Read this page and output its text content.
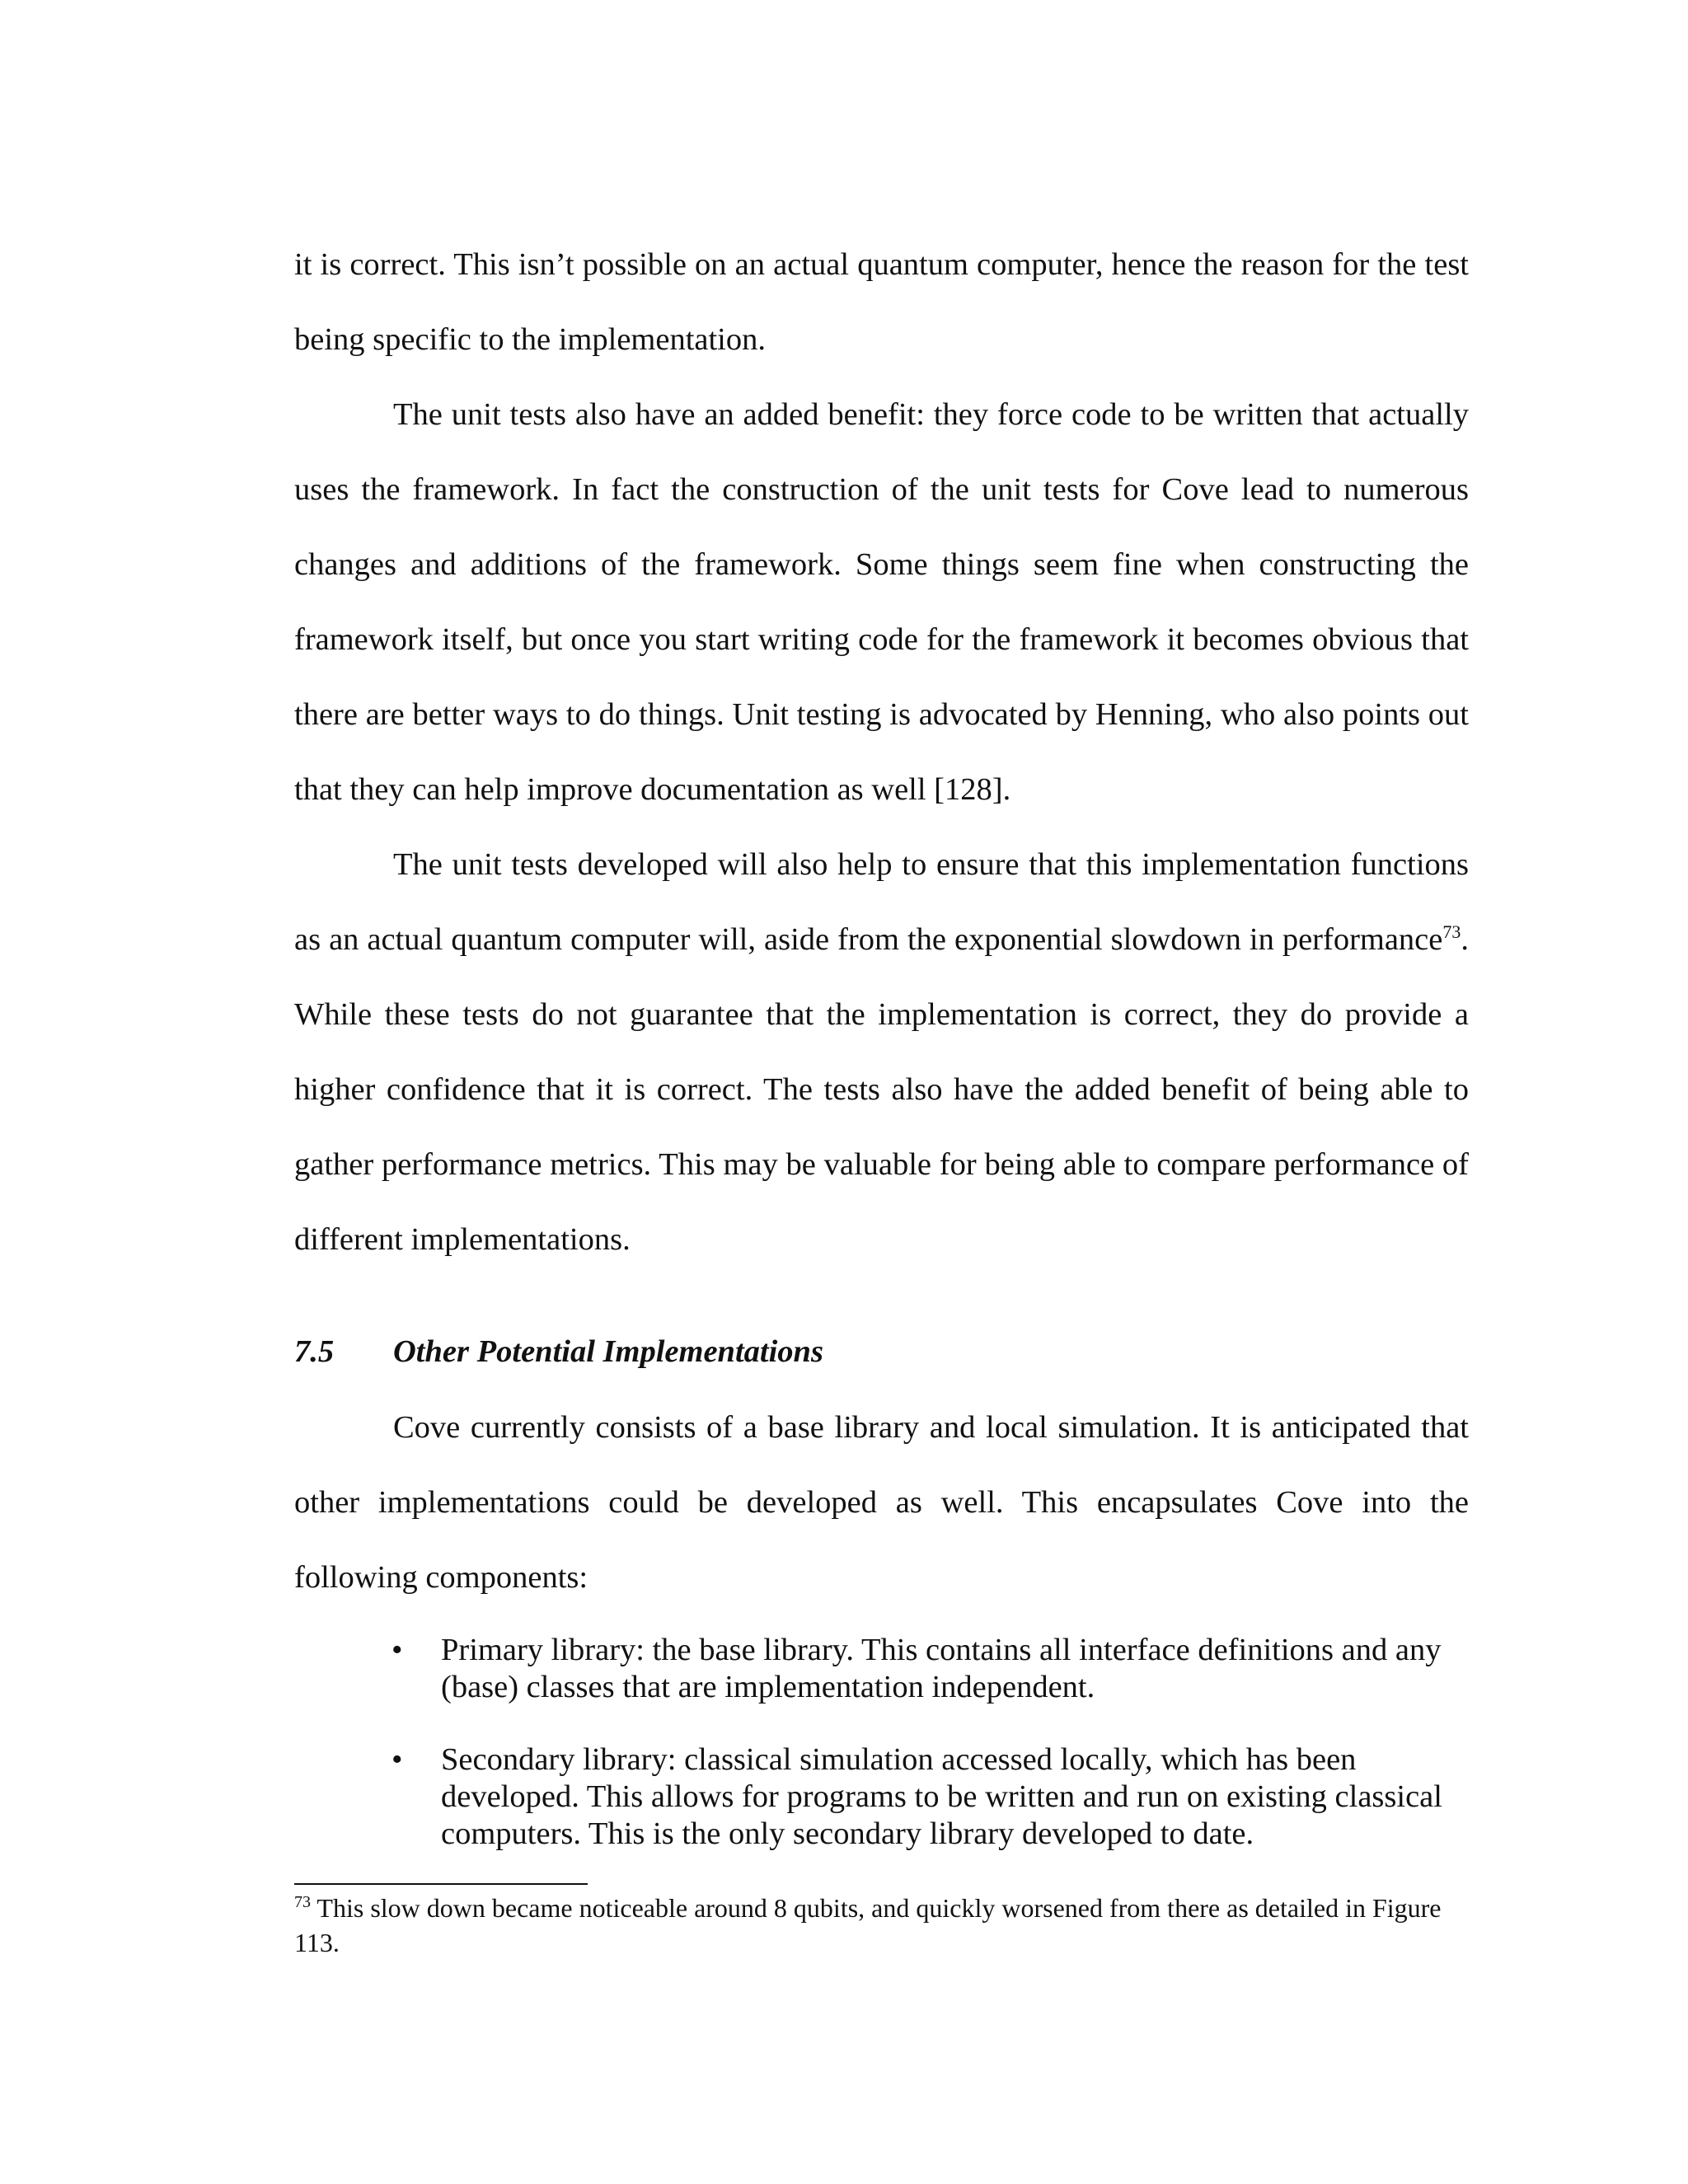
it is correct. This isn’t possible on an actual quantum computer, hence the reason for the test being specific to the implementation.

The unit tests also have an added benefit: they force code to be written that actually uses the framework. In fact the construction of the unit tests for Cove lead to numerous changes and additions of the framework. Some things seem fine when constructing the framework itself, but once you start writing code for the framework it becomes obvious that there are better ways to do things. Unit testing is advocated by Henning, who also points out that they can help improve documentation as well [128].

The unit tests developed will also help to ensure that this implementation functions as an actual quantum computer will, aside from the exponential slowdown in performance$^{73}$. While these tests do not guarantee that the implementation is correct, they do provide a higher confidence that it is correct. The tests also have the added benefit of being able to gather performance metrics. This may be valuable for being able to compare performance of different implementations.

7.5 Other Potential Implementations

Cove currently consists of a base library and local simulation. It is anticipated that other implementations could be developed as well. This encapsulates Cove into the following components:

• Primary library: the base library. This contains all interface definitions and any (base) classes that are implementation independent.
• Secondary library: classical simulation accessed locally, which has been developed. This allows for programs to be written and run on existing classical computers. This is the only secondary library developed to date.

$^{73}$ This slow down became noticeable around 8 qubits, and quickly worsened from there as detailed in Figure 113.
